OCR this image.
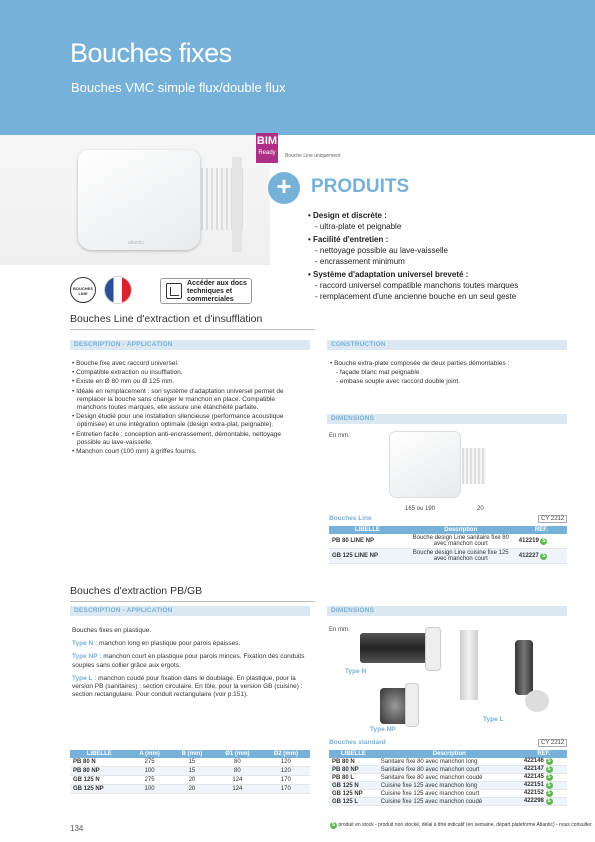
Bouches fixes
Bouches VMC simple flux/double flux
atlantic
BIM
Ready	Bouche Line uniquement
+	PRODUITS
• Design et discrète :
- ultra-plate et peignable
• Facilité d'entretien :
- nettoyage possible au lave-vaisselle
- encrassement minimum
• Système d'adaptation universel breveté :
- raccord universel compatible manchons toutes marques
- remplacement d'une ancienne bouche en un seul geste
BOUCHES LINE
Accéder aux docs techniques et commerciales
Bouches Line d'extraction et d'insufflation
DESCRIPTION - APPLICATION

• Bouche fixe avec raccord universel.

• Compatible extraction ou insufflation.

• Existe en Ø 80 mm ou Ø 125 mm.

• Idéale en remplacement : son système d'adaptation universel permet de remplacer la bouche sans changer le manchon en place. Compatible manchons toutes marques, elle assure une étanchéité parfaite.

• Design étudié pour une installation silencieuse (performance acoustique optimisée) et une intégration optimale (design extra-plat, peignable).

• Entretien facile : conception anti-encrassement, démontable, nettoyage possible au lave-vaisselle.

• Manchon court (100 mm) à griffes fournis.

CONSTRUCTION

• Bouche extra-plate composée de deux parties démontables :

- façade blanc mat peignable

- embase souple avec raccord double joint.

DIMENSIONS
En mm.
165 ou 190	20
Bouches Line	CY 2212
LIBELLÉ	Description	RÉF.
PB 80 LINE NP	Bouche design Line sanitaire fixe 80 avec manchon court	412219 S
GB 125 LINE NP	Bouche design Line cuisine fixe 125 avec manchon court	412227 S
Bouches d'extraction PB/GB
DESCRIPTION - APPLICATION

Bouches fixes en plastique.

Type N : manchon long en plastique pour parois épaisses.

Type NP : manchon court en plastique pour parois minces. Fixation des conduits souples sans collier grâce aux ergots.

Type L : manchon coudé pour fixation dans le doublage. En plastique, pour la version PB (sanitaires) : section circulaire. En tôle, pour la version GB (cuisine) : section rectangulaire. Pour conduit rectangulaire (voir p.151).

LIBELLÉ	A (mm)	B (mm)	Ø1 (mm)	Ø2 (mm)
PB 80 N	275	15	80	120
PB 80 NP	100	15	80	120
GB 125 N	275	20	124	170
GB 125 NP	100	20	124	170
DIMENSIONS
En mm.
Type N
Type NP
Type L
Bouches standard	CY 2212
LIBELLÉ	Description	RÉF.
PB 80 N	Sanitaire fixe 80 avec manchon long	422146 S
PB 80 NP	Sanitaire fixe 80 avec manchon court	422147 S
PB 80 L	Sanitaire fixe 80 avec manchon coudé	422145 S
GB 125 N	Cuisine fixe 125 avec manchon long	422151 S
GB 125 NP	Cuisine fixe 125 avec manchon court	422152 S
GB 125 L	Cuisine fixe 125 avec manchon coudé	422298 S
134	S produit en stock - produit non stocké, délai à titre indicatif (en semaine, départ plateforme Atlantic) - nous consulter.
